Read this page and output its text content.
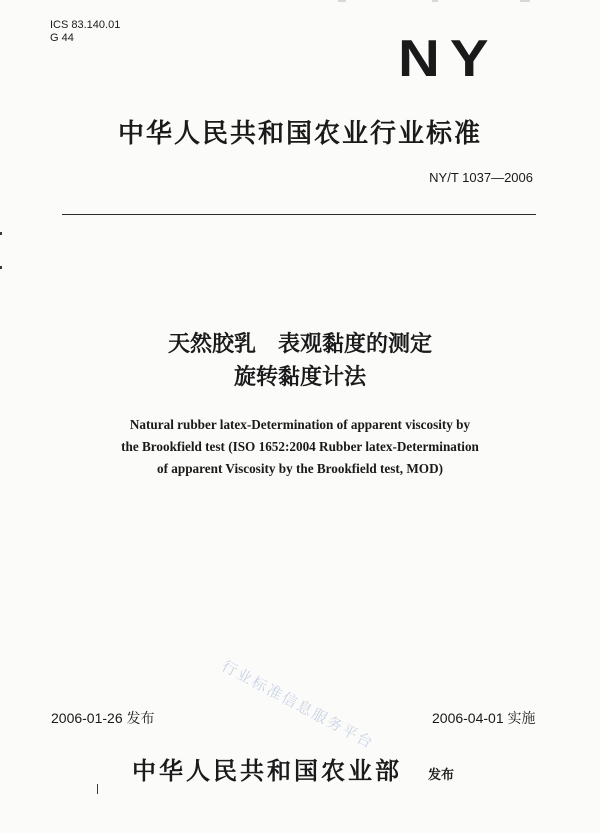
ICS 83.140.01
G 44	NY
中华人民共和国农业行业标准
NY/T 1037—2006
天然胶乳　表观黏度的测定
旋转黏度计法
Natural rubber latex-Determination of apparent viscosity by
the Brookfield test (ISO 1652:2004 Rubber latex-Determination
of apparent Viscosity by the Brookfield test, MOD)
行业标准信息服务平台
2006-01-26 发布	2006-04-01 实施
中华人民共和国农业部 发布
